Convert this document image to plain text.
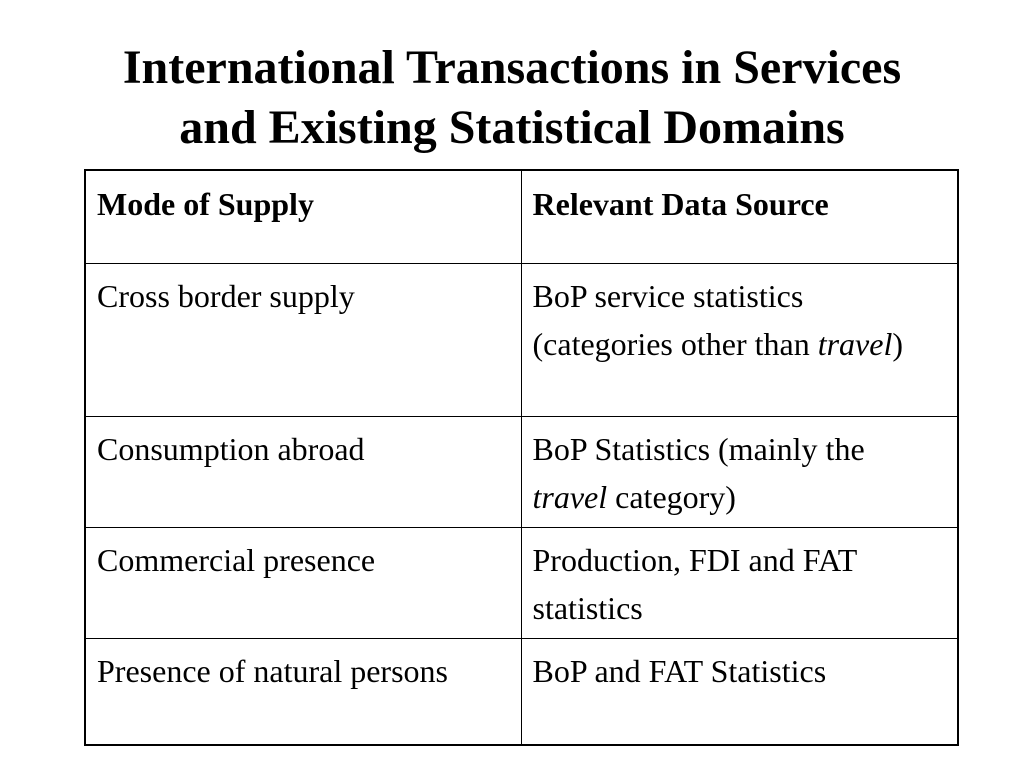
International Transactions in Services
and Existing Statistical Domains
Mode of Supply	Relevant Data Source
Cross border supply	BoP service statistics (categories other than travel)
Consumption abroad	BoP Statistics (mainly the travel category)
Commercial presence	Production, FDI and FAT statistics
Presence of natural persons	BoP and FAT Statistics
